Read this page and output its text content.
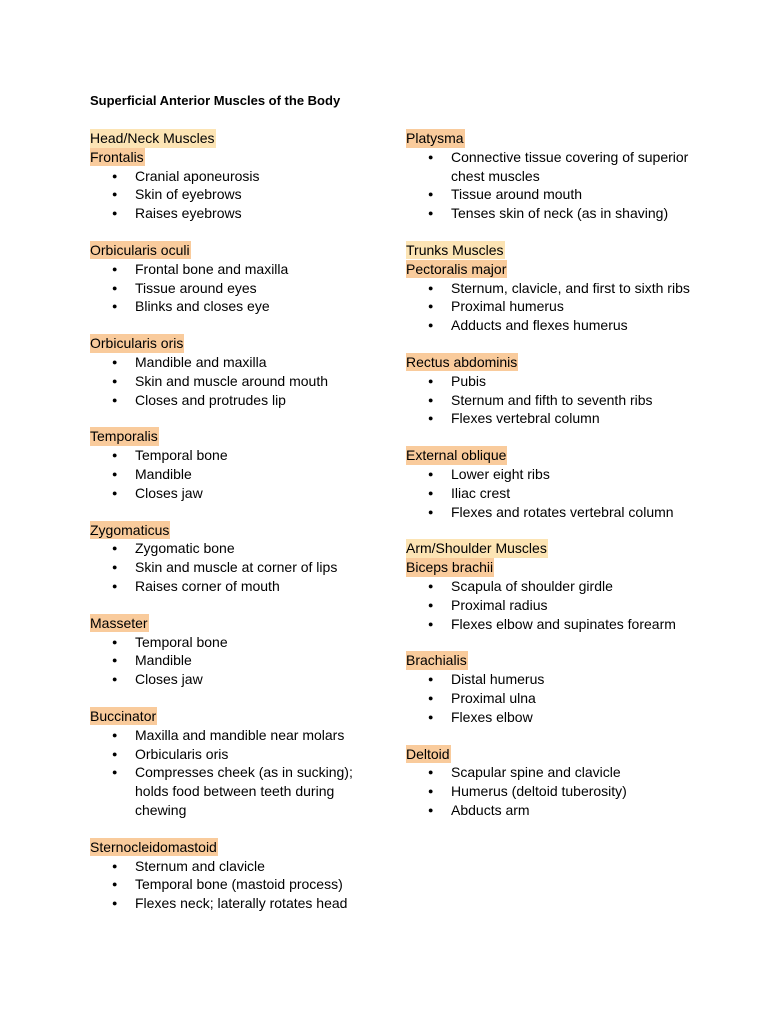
Superficial Anterior Muscles of the Body
Head/Neck Muscles
Frontalis
● Cranial aponeurosis
● Skin of eyebrows
● Raises eyebrows
Orbicularis oculi
● Frontal bone and maxilla
● Tissue around eyes
● Blinks and closes eye
Orbicularis oris
● Mandible and maxilla
● Skin and muscle around mouth
● Closes and protrudes lip
Temporalis
● Temporal bone
● Mandible
● Closes jaw
Zygomaticus
● Zygomatic bone
● Skin and muscle at corner of lips
● Raises corner of mouth
Masseter
● Temporal bone
● Mandible
● Closes jaw
Buccinator
● Maxilla and mandible near molars
● Orbicularis oris
● Compresses cheek (as in sucking); holds food between teeth during chewing
Sternocleidomastoid
● Sternum and clavicle
● Temporal bone (mastoid process)
● Flexes neck; laterally rotates head
Platysma
● Connective tissue covering of superior chest muscles
● Tissue around mouth
● Tenses skin of neck (as in shaving)
Trunks Muscles
Pectoralis major
● Sternum, clavicle, and first to sixth ribs
● Proximal humerus
● Adducts and flexes humerus
Rectus abdominis
● Pubis
● Sternum and fifth to seventh ribs
● Flexes vertebral column
External oblique
● Lower eight ribs
● Iliac crest
● Flexes and rotates vertebral column
Arm/Shoulder Muscles
Biceps brachii
● Scapula of shoulder girdle
● Proximal radius
● Flexes elbow and supinates forearm
Brachialis
● Distal humerus
● Proximal ulna
● Flexes elbow
Deltoid
● Scapular spine and clavicle
● Humerus (deltoid tuberosity)
● Abducts arm
